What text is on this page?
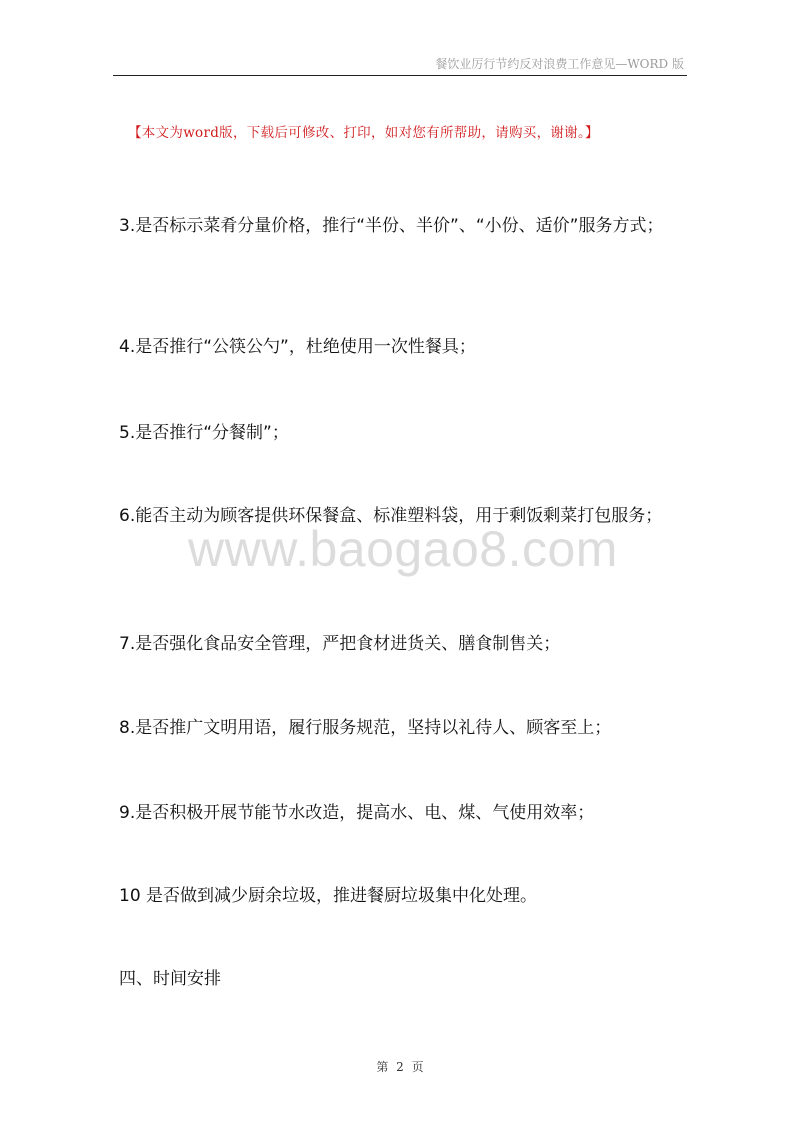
餐饮业厉行节约反对浪费工作意见—WORD 版
【本文为word版，下载后可修改、打印，如对您有所帮助，请购买，谢谢。】

3.是否标示菜肴分量价格，推行“半份、半价”、“小份、适价”服务方式；

4.是否推行“公筷公勺”，杜绝使用一次性餐具；

5.是否推行“分餐制”；

6.能否主动为顾客提供环保餐盒、标准塑料袋，用于剩饭剩菜打包服务；

7.是否强化食品安全管理，严把食材进货关、膳食制售关；

8.是否推广文明用语，履行服务规范，坚持以礼待人、顾客至上；

9.是否积极开展节能节水改造，提高水、电、煤、气使用效率；

10 是否做到减少厨余垃圾，推进餐厨垃圾集中化处理。

四、时间安排

www.baogao8.com
第 2 页
